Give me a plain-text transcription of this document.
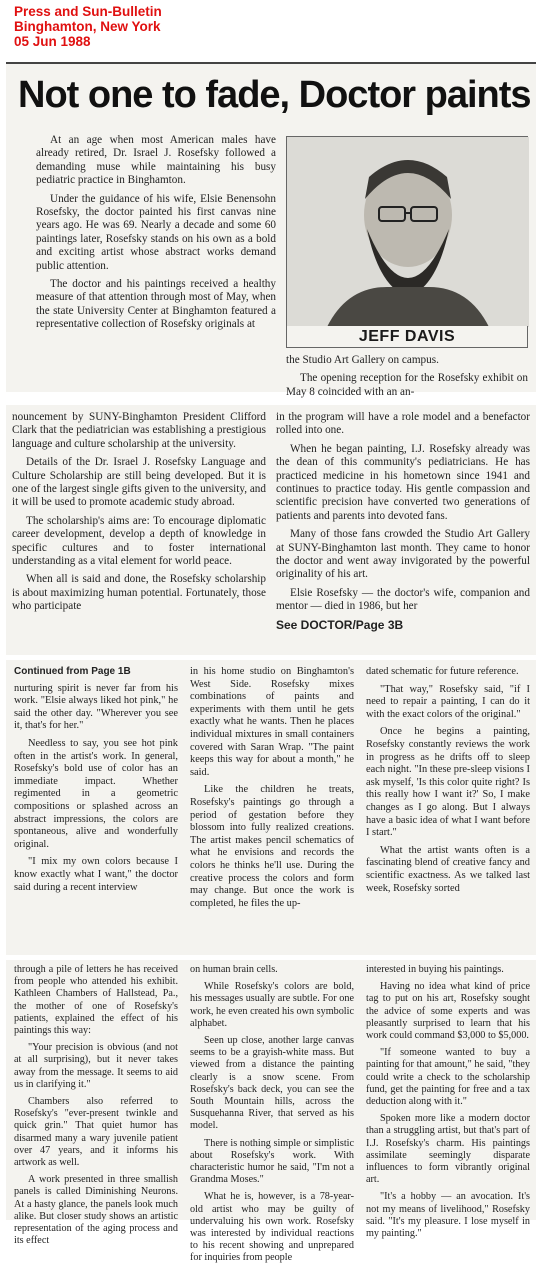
Press and Sun-Bulletin
Binghamton, New York
05 Jun 1988
Not one to fade, Doctor paints

At an age when most American males have already retired, Dr. Israel J. Rosefsky followed a demanding muse while maintaining his busy pediatric practice in Binghamton.

Under the guidance of his wife, Elsie Benensohn Rosefsky, the doctor painted his first canvas nine years ago. He was 69. Nearly a decade and some 60 paintings later, Rosefsky stands on his own as a bold and exciting artist whose abstract works demand public attention.

The doctor and his paintings received a healthy measure of that attention through most of May, when the state University Center at Binghamton featured a representative collection of Rosefsky originals at

JEFF DAVIS

the Studio Art Gallery on campus.

The opening reception for the Rosefsky exhibit on May 8 coincided with an an-

nouncement by SUNY-Binghamton President Clifford Clark that the pediatrician was establishing a prestigious language and culture scholarship at the university.

Details of the Dr. Israel J. Rosefsky Language and Culture Scholarship are still being developed. But it is one of the largest single gifts given to the university, and it will be used to promote academic study abroad.

The scholarship's aims are: To encourage diplomatic career development, develop a depth of knowledge in specific cultures and to foster international understanding as a vital element for world peace.

When all is said and done, the Rosefsky scholarship is about maximizing human potential. Fortunately, those who participate

in the program will have a role model and a benefactor rolled into one.

When he began painting, I.J. Rosefsky already was the dean of this community's pediatricians. He has practiced medicine in his hometown since 1941 and continues to practice today. His gentle compassion and scientific precision have converted two generations of patients and parents into devoted fans.

Many of those fans crowded the Studio Art Gallery at SUNY-Binghamton last month. They came to honor the doctor and went away invigorated by the powerful originality of his art.

Elsie Rosefsky — the doctor's wife, companion and mentor — died in 1986, but her

See DOCTOR/Page 3B
Continued from Page 1B

nurturing spirit is never far from his work. "Elsie always liked hot pink," he said the other day. "Wherever you see it, that's for her."

Needless to say, you see hot pink often in the artist's work. In general, Rosefsky's bold use of color has an immediate impact. Whether regimented in a geometric compositions or splashed across an abstract impressions, the colors are spontaneous, alive and wonderfully original.

"I mix my own colors because I know exactly what I want," the doctor said during a recent interview

in his home studio on Binghamton's West Side. Rosefsky mixes combinations of paints and experiments with them until he gets exactly what he wants. Then he places individual mixtures in small containers covered with Saran Wrap. "The paint keeps this way for about a month," he said.

Like the children he treats, Rosefsky's paintings go through a period of gestation before they blossom into fully realized creations. The artist makes pencil schematics of what he envisions and records the colors he thinks he'll use. During the creative process the colors and form may change. But once the work is completed, he files the up-

dated schematic for future reference.

"That way," Rosefsky said, "if I need to repair a painting, I can do it with the exact colors of the original."

Once he begins a painting, Rosefsky constantly reviews the work in progress as he drifts off to sleep each night. "In these pre-sleep visions I ask myself, 'Is this color quite right? Is this really how I want it?' So, I make changes as I go along. But I always have a basic idea of what I want before I start."

What the artist wants often is a fascinating blend of creative fancy and scientific exactness. As we talked last week, Rosefsky sorted

through a pile of letters he has received from people who attended his exhibit. Kathleen Chambers of Hallstead, Pa., the mother of one of Rosefsky's patients, explained the effect of his paintings this way:

"Your precision is obvious (and not at all surprising), but it never takes away from the message. It seems to aid us in clarifying it."

Chambers also referred to Rosefsky's "ever-present twinkle and quick grin." That quiet humor has disarmed many a wary juvenile patient over 47 years, and it informs his artwork as well.

A work presented in three smallish panels is called Diminishing Neurons. At a hasty glance, the panels look much alike. But closer study shows an artistic representation of the aging process and its effect

on human brain cells.

While Rosefsky's colors are bold, his messages usually are subtle. For one work, he even created his own symbolic alphabet.

Seen up close, another large canvas seems to be a grayish-white mass. But viewed from a distance the painting clearly is a snow scene. From Rosefsky's back deck, you can see the South Mountain hills, across the Susquehanna River, that served as his model.

There is nothing simple or simplistic about Rosefsky's work. With characteristic humor he said, "I'm not a Grandma Moses."

What he is, however, is a 78-year-old artist who may be guilty of undervaluing his own work. Rosefsky was interested by individual reactions to his recent showing and unprepared for inquiries from people

interested in buying his paintings.

Having no idea what kind of price tag to put on his art, Rosefsky sought the advice of some experts and was pleasantly surprised to learn that his work could command $3,000 to $5,000.

"If someone wanted to buy a painting for that amount," he said, "they could write a check to the scholarship fund, get the painting for free and a tax deduction along with it."

Spoken more like a modern doctor than a struggling artist, but that's part of I.J. Rosefsky's charm. His paintings assimilate seemingly disparate influences to form vibrantly original art.

"It's a hobby — an avocation. It's not my means of livelihood," Rosefsky said. "It's my pleasure. I lose myself in my painting."
